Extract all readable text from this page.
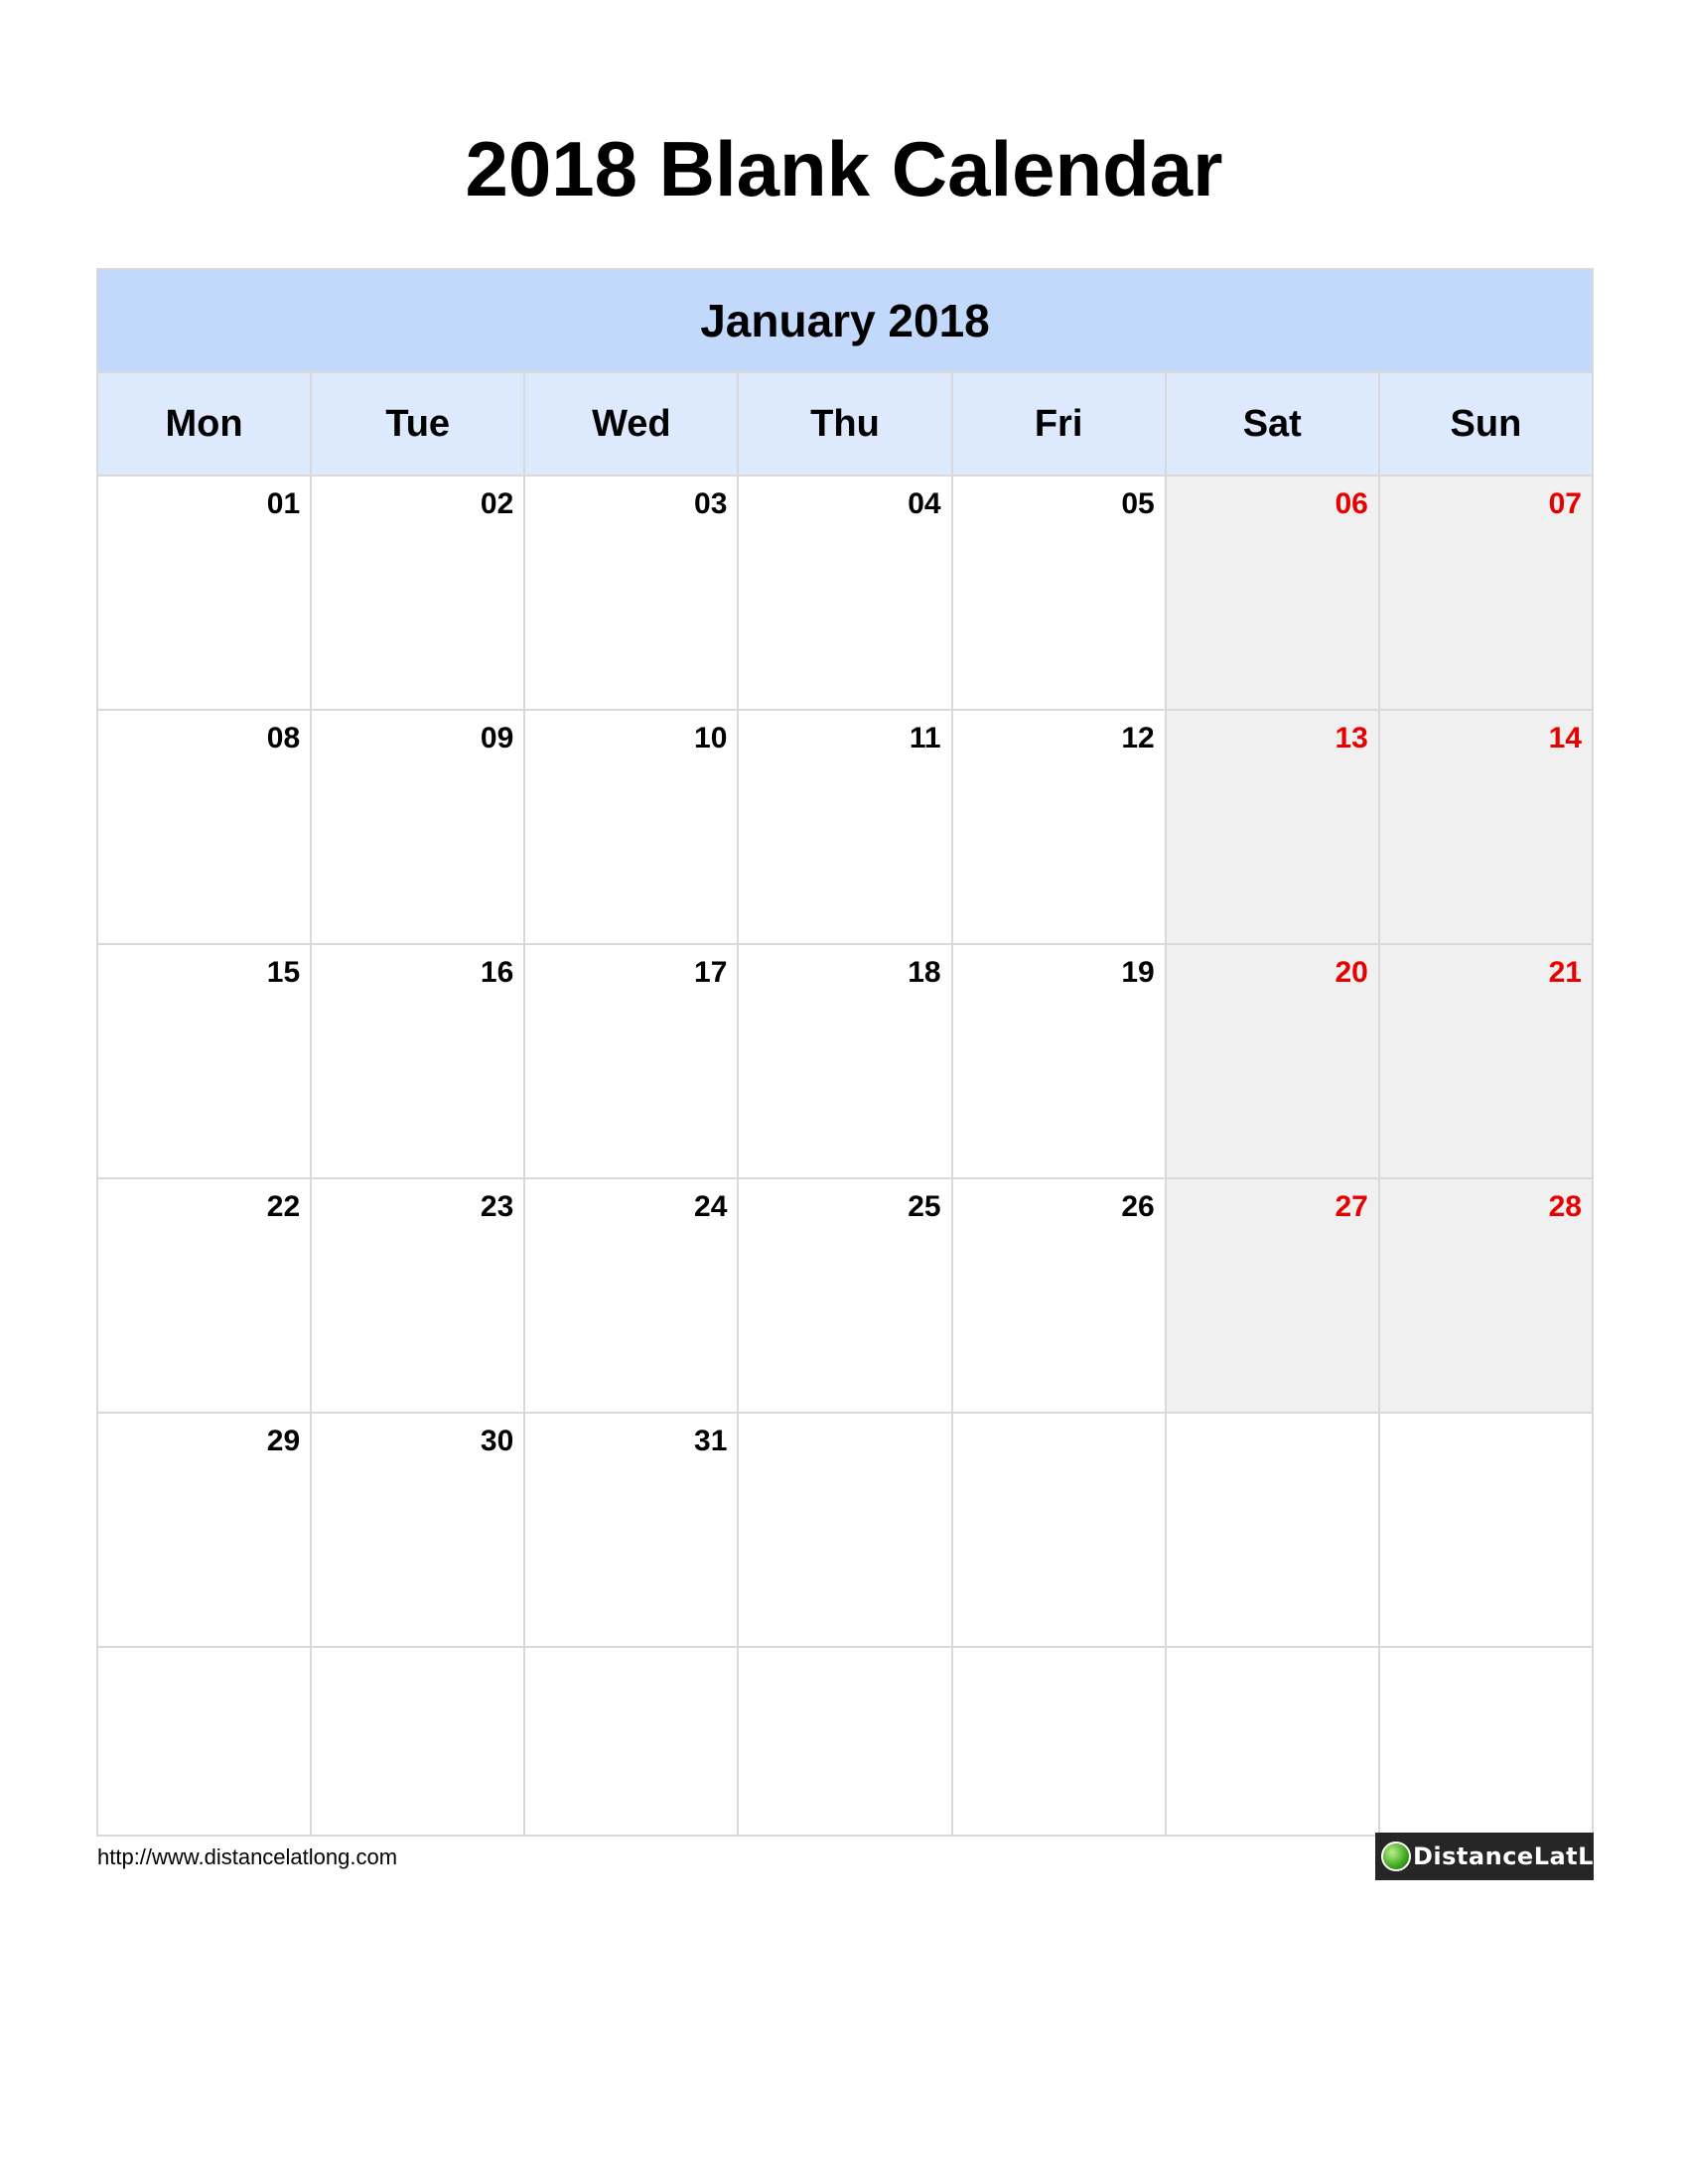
2018 Blank Calendar
January 2018						
Mon	Tue	Wed	Thu	Fri	Sat	Sun

01	02	03	04	05	06	07

08	09	10	11	12	13	14

15	16	17	18	19	20	21

22	23	24	25	26	27	28

29	30	31				

http://www.distancelatlong.com	DistanceLatLong
